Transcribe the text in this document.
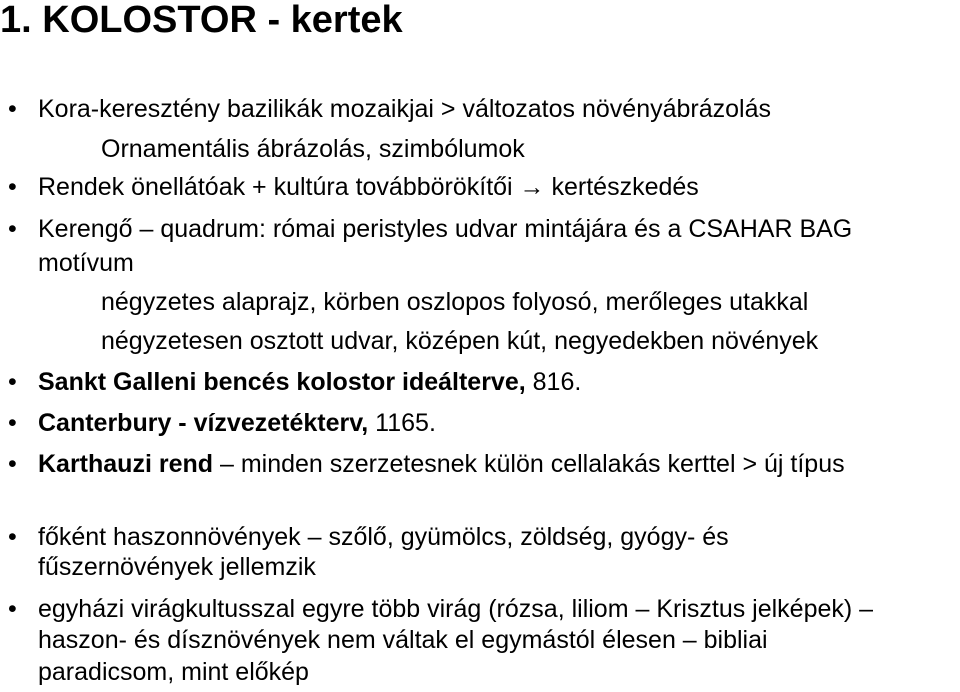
1. KOLOSTOR - kertek
•
•
•
•
•
•
•
•
Kora-keresztény bazilikák mozaikjai > változatos növényábrázolás
Ornamentális ábrázolás, szimbólumok
Rendek önellátóak + kultúra továbbörökítői → kertészkedés
Kerengő – quadrum: római peristyles udvar mintájára és a CSAHAR BAG
motívum
négyzetes alaprajz, körben oszlopos folyosó, merőleges utakkal
négyzetesen osztott udvar, középen kút, negyedekben növények
Sankt Galleni bencés kolostor ideálterve, 816.
Canterbury - vízvezetékterv, 1165.
Karthauzi rend – minden szerzetesnek külön cellalakás kerttel > új típus
főként haszonnövények – szőlő, gyümölcs, zöldség, gyógy- és
fűszernövények jellemzik
egyházi virágkultusszal egyre több virág (rózsa, liliom – Krisztus jelképek) –
haszon- és dísznövények nem váltak el egymástól élesen – bibliai
paradicsom, mint előkép
